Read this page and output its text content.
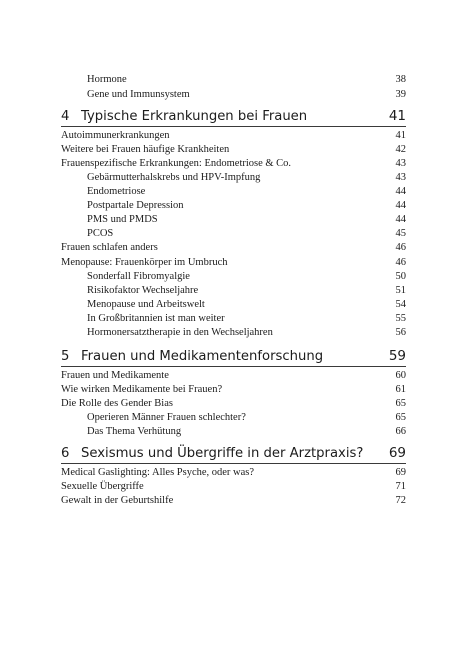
Hormone	38
Gene und Immunsystem	39
4 Typische Erkrankungen bei Frauen	41
Autoimmunerkrankungen	41
Weitere bei Frauen häufige Krankheiten	42
Frauenspezifische Erkrankungen: Endometriose & Co.	43
Gebärmutterhalskrebs und HPV-Impfung	43
Endometriose	44
Postpartale Depression	44
PMS und PMDS	44
PCOS	45
Frauen schlafen anders	46
Menopause: Frauenkörper im Umbruch	46
Sonderfall Fibromyalgie	50
Risikofaktor Wechseljahre	51
Menopause und Arbeitswelt	54
In Großbritannien ist man weiter	55
Hormonersatztherapie in den Wechseljahren	56
5 Frauen und Medikamentenforschung	59
Frauen und Medikamente	60
Wie wirken Medikamente bei Frauen?	61
Die Rolle des Gender Bias	65
Operieren Männer Frauen schlechter?	65
Das Thema Verhütung	66
6 Sexismus und Übergriffe in der Arztpraxis? 69
Medical Gaslighting: Alles Psyche, oder was?	69
Sexuelle Übergriffe	71
Gewalt in der Geburtshilfe	72
